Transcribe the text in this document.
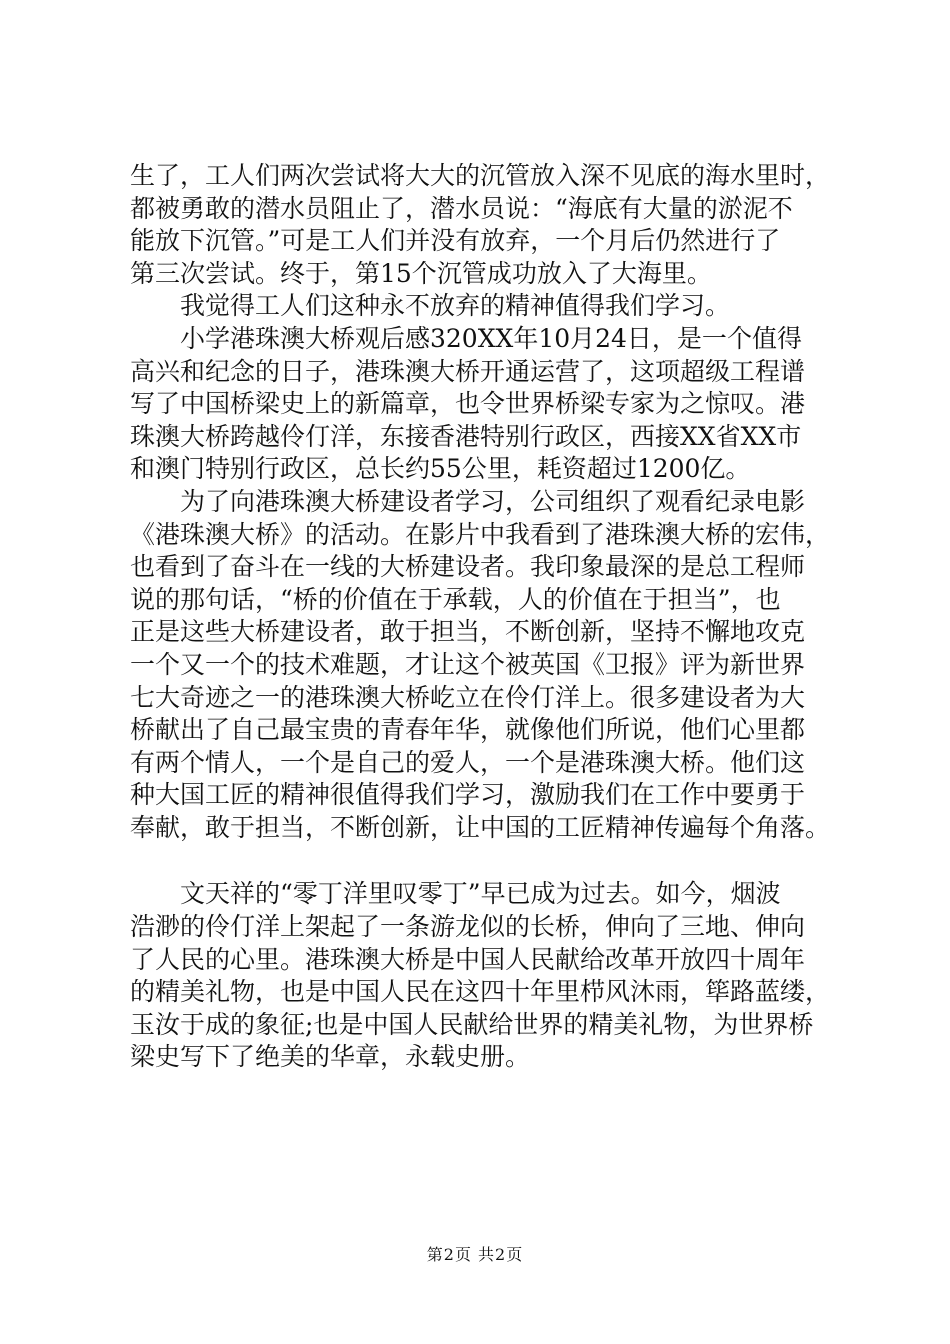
生了，工人们两次尝试将大大的沉管放入深不见底的海水里时，
都被勇敢的潜水员阻止了，潜水员说：“海底有大量的淤泥不
能放下沉管。”可是工人们并没有放弃，一个月后仍然进行了
第三次尝试。终于，第15个沉管成功放入了大海里。
我觉得工人们这种永不放弃的精神值得我们学习。
小学港珠澳大桥观后感320XX年10月24日，是一个值得
高兴和纪念的日子，港珠澳大桥开通运营了，这项超级工程谱
写了中国桥梁史上的新篇章，也令世界桥梁专家为之惊叹。港
珠澳大桥跨越伶仃洋，东接香港特别行政区，西接XX省XX市
和澳门特别行政区，总长约55公里，耗资超过1200亿。
为了向港珠澳大桥建设者学习，公司组织了观看纪录电影
《港珠澳大桥》的活动。在影片中我看到了港珠澳大桥的宏伟，
也看到了奋斗在一线的大桥建设者。我印象最深的是总工程师
说的那句话，“桥的价值在于承载，人的价值在于担当”，也
正是这些大桥建设者，敢于担当，不断创新，坚持不懈地攻克
一个又一个的技术难题，才让这个被英国《卫报》评为新世界
七大奇迹之一的港珠澳大桥屹立在伶仃洋上。很多建设者为大
桥献出了自己最宝贵的青春年华，就像他们所说，他们心里都
有两个情人，一个是自己的爱人，一个是港珠澳大桥。他们这
种大国工匠的精神很值得我们学习，激励我们在工作中要勇于
奉献，敢于担当，不断创新，让中国的工匠精神传遍每个角落。
文天祥的“零丁洋里叹零丁”早已成为过去。如今，烟波
浩渺的伶仃洋上架起了一条游龙似的长桥，伸向了三地、伸向
了人民的心里。港珠澳大桥是中国人民献给改革开放四十周年
的精美礼物，也是中国人民在这四十年里栉风沐雨，筚路蓝缕，
玉汝于成的象征;也是中国人民献给世界的精美礼物，为世界桥
梁史写下了绝美的华章，永载史册。
第2页 共2页
